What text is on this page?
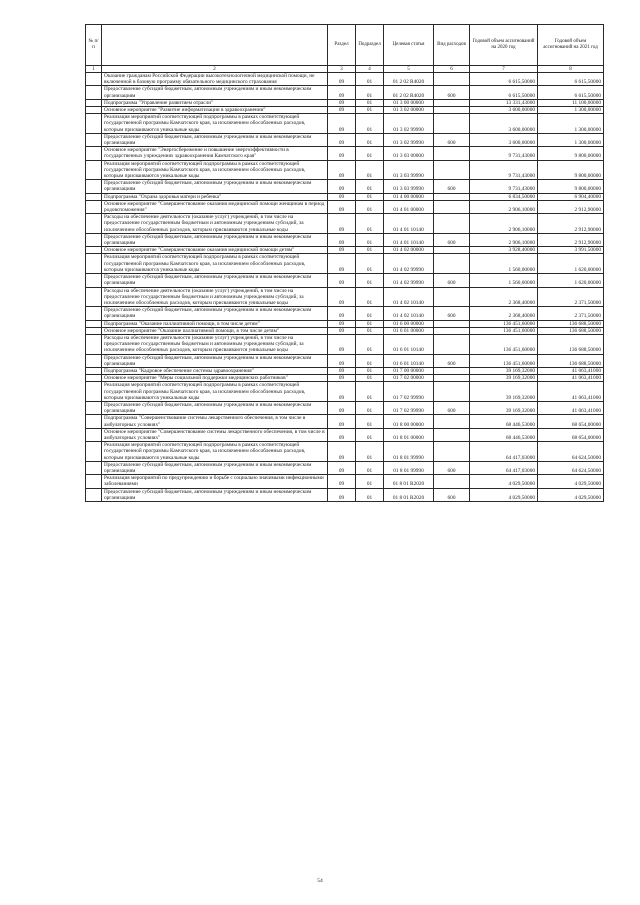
№ п/п		Раздел	Подраздел	Целевая статья	Вид расходов	Годовой объем ассигнований на 2020 год	Годовой объем ассигнований на 2021 год
1	2	3	4	5	6	7	8
	Оказание гражданам Российской Федерации высокотехнологичной медицинской помощи, не включенной в базовую программу обязательного медицинского страхования	09	01	01 2 02 R4020		6 615,50000	6 615,50000
	Предоставление субсидий бюджетным, автономным учреждениям и иным некоммерческим организациям	09	01	01 2 02 R4020	600	6 615,50000	6 615,50000
	Подпрограмма "Управление развитием отрасли"	09	01	01 3 00 00000		13 331,43000	11 100,00000
	Основное мероприятие "Развитие информатизации в здравоохранении"	09	01	01 3 02 00000		3 600,00000	1 300,00000
	Реализация мероприятий соответствующей подпрограммы в рамках соответствующей государственной программы Камчатского края, за исключением обособленных расходов, которым присваиваются уникальные коды	09	01	01 3 02 99990		3 600,00000	1 300,00000
	Предоставление субсидий бюджетным, автономным учреждениям и иным некоммерческим организациям	09	01	01 3 02 99990	600	3 600,00000	1 300,00000
	Основное мероприятие "Энергосбережение и повышение энергоэффективности в государственных учреждениях здравоохранения Камчатского края"	09	01	01 3 03 00000		9 731,43000	9 800,00000
	Реализация мероприятий соответствующей подпрограммы в рамках соответствующей государственной программы Камчатского края, за исключением обособленных расходов, которым присваиваются уникальные коды	09	01	01 3 03 99990		9 731,43000	9 800,00000
	Предоставление субсидий бюджетным, автономным учреждениям и иным некоммерческим организациям	09	01	01 3 03 99990	600	9 731,43000	9 800,00000
	Подпрограмма "Охрана здоровья матери и ребенка"	09	01	01 4 00 00000		6 834,50000	6 904,40000
	Основное мероприятие "Совершенствование оказания медицинской помощи женщинам в период родовспоможения"	09	01	01 4 01 00000		2 906,10000	2 912,90000
	Расходы на обеспечение деятельности (оказание услуг) учреждений, в том числе на предоставление государственным бюджетным и автономным учреждениям субсидий, за исключением обособленных расходов, которым присваиваются уникальные коды	09	01	01 4 01 10140		2 906,10000	2 912,90000
	Предоставление субсидий бюджетным, автономным учреждениям и иным некоммерческим организациям	09	01	01 4 01 10140	600	2 906,10000	2 912,90000
	Основное мероприятие "Совершенствование оказания медицинской помощи детям"	09	01	01 4 02 00000		3 928,40000	3 991,50000
	Реализация мероприятий соответствующей подпрограммы в рамках соответствующей государственной программы Камчатского края, за исключением обособленных расходов, которым присваиваются уникальные коды	09	01	01 4 02 99990		1 560,00000	1 620,00000
	Предоставление субсидий бюджетным, автономным учреждениям и иным некоммерческим организациям	09	01	01 4 02 99990	600	1 560,00000	1 620,00000
	Расходы на обеспечение деятельности (оказание услуг) учреждений, в том числе на предоставление государственным бюджетным и автономным учреждениям субсидий, за исключением обособленных расходов, которым присваиваются уникальные коды	09	01	01 4 02 10140		2 368,40000	2 371,50000
	Предоставление субсидий бюджетным, автономным учреждениям и иным некоммерческим организациям	09	01	01 4 02 10140	600	2 368,40000	2 371,50000
	Подпрограмма "Оказание паллиативной помощи, в том числе детям"	09	01	01 6 00 00000		136 451,60000	136 688,50000
	Основное мероприятие "Оказание паллиативной помощи, в том числе детям"	09	01	01 6 01 00000		136 451,60000	136 688,50000
	Расходы на обеспечение деятельности (оказание услуг) учреждений, в том числе на предоставление государственным бюджетным и автономным учреждениям субсидий, за исключением обособленных расходов, которым присваиваются уникальные коды	09	01	01 6 01 10140		136 451,60000	136 688,50000
	Предоставление субсидий бюджетным, автономным учреждениям и иным некоммерческим организациям	09	01	01 6 01 10140	600	136 451,60000	136 688,50000
	Подпрограмма "Кадровое обеспечение системы здравоохранения"	09	01	01 7 00 00000		39 169,32000	41 063,41000
	Основное мероприятие "Меры социальной поддержки медицинских работников"	09	01	01 7 02 00000		39 169,32000	41 063,41000
	Реализация мероприятий соответствующей подпрограммы в рамках соответствующей государственной программы Камчатского края, за исключением обособленных расходов, которым присваиваются уникальные коды	09	01	01 7 02 99990		39 169,32000	41 063,41000
	Предоставление субсидий бюджетным, автономным учреждениям и иным некоммерческим организациям	09	01	01 7 02 99990	600	39 169,32000	41 063,41000
	Подпрограмма "Совершенствование системы лекарственного обеспечения, в том числе в амбулаторных условиях"	09	01	01 8 00 00000		68 446,53000	68 654,00000
	Основное мероприятие "Совершенствование системы лекарственного обеспечения, в том числе в амбулаторных условиях"	09	01	01 8 01 00000		68 446,53000	68 654,00000
	Реализация мероприятий соответствующей подпрограммы в рамках соответствующей государственной программы Камчатского края, за исключением обособленных расходов, которым присваиваются уникальные коды	09	01	01 8 01 99990		64 417,03000	64 624,50000
	Предоставление субсидий бюджетным, автономным учреждениям и иным некоммерческим организациям	09	01	01 8 01 99990	600	64 417,03000	64 624,50000
	Реализация мероприятий по предупреждению и борьбе с социально значимыми инфекционными заболеваниями	09	01	01 8 01 R2020		4 029,50000	4 029,50000
	Предоставление субсидий бюджетным, автономным учреждениям и иным некоммерческим организациям	09	01	01 8 01 R2020	600	4 029,50000	4 029,50000
54
